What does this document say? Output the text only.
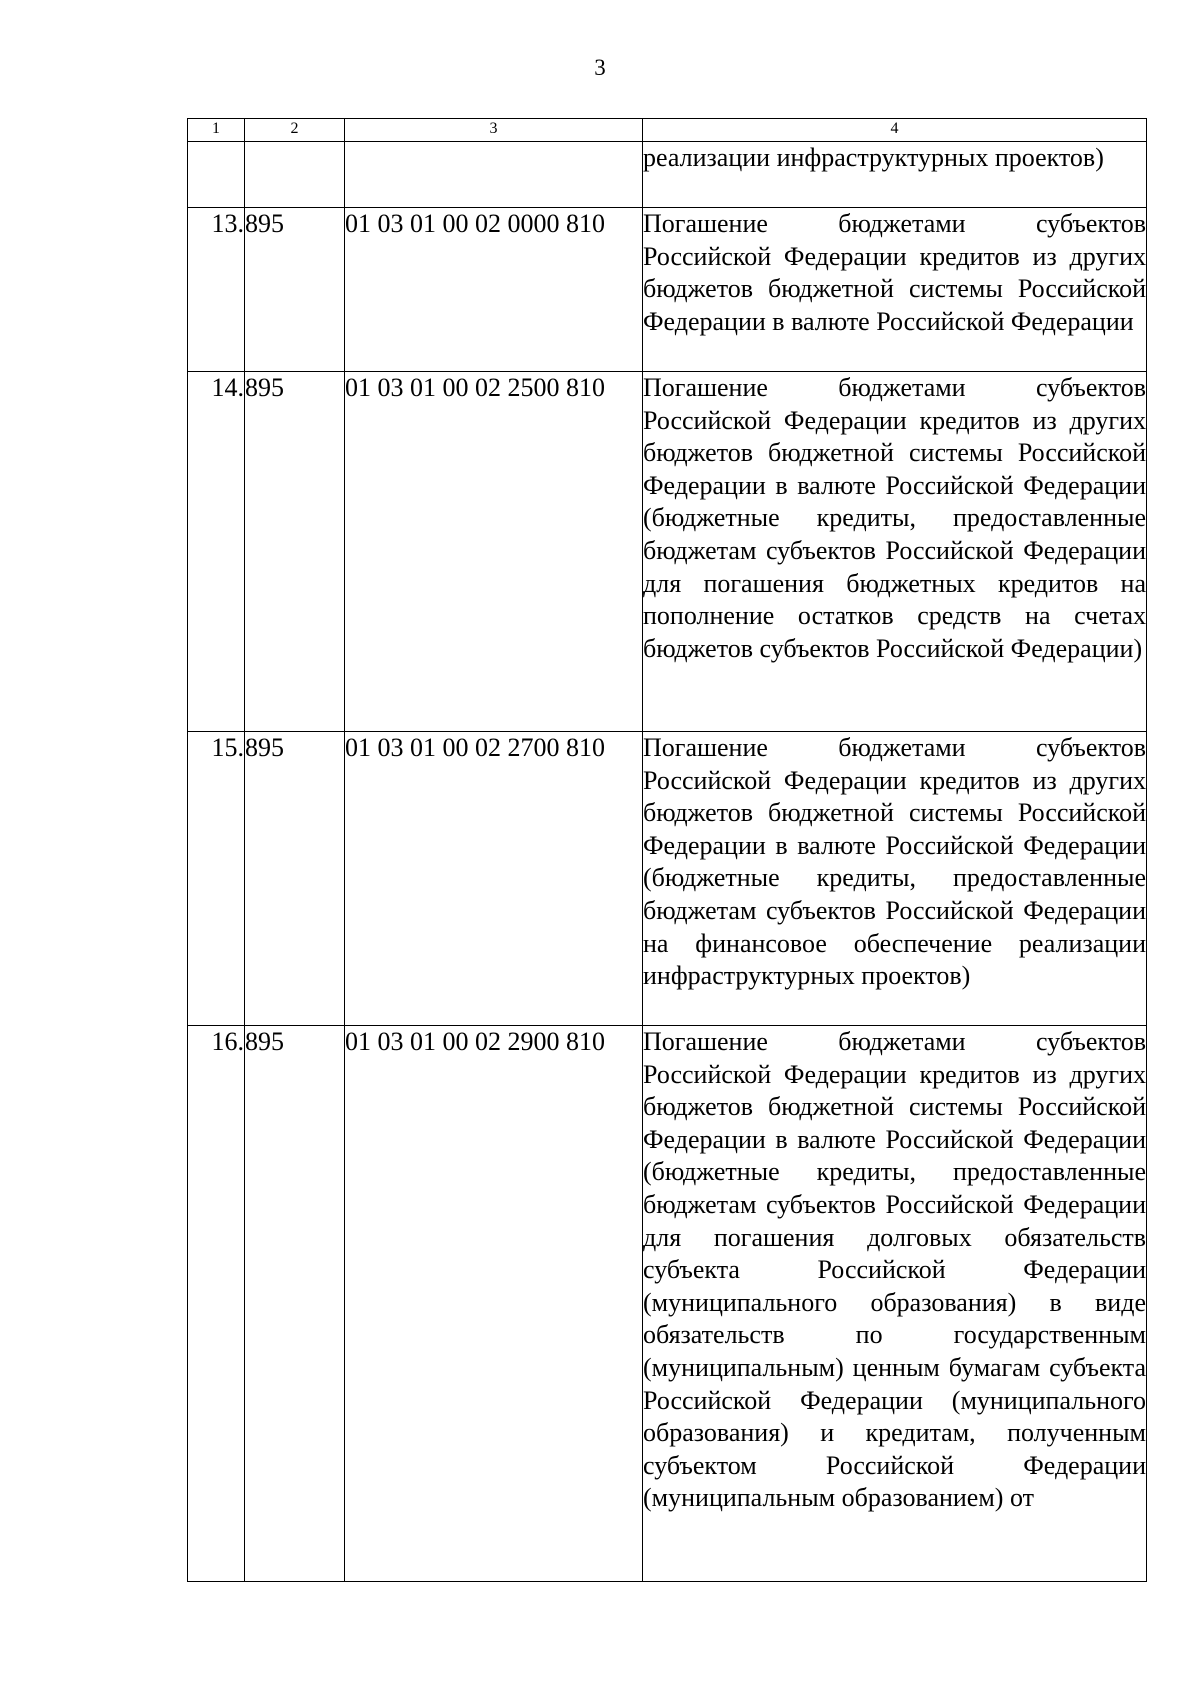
3
1	2	3	4

			реализации инфраструктурных проектов)

13.	895	01 03 01 00 02 0000 810	Погашение бюджетами субъектов Российской Федерации кредитов из других бюджетов бюджетной системы Российской Федерации в валюте Российской Федерации

14.	895	01 03 01 00 02 2500 810	Погашение бюджетами субъектов Российской Федерации кредитов из других бюджетов бюджетной системы Российской Федерации в валюте Российской Федерации (бюджетные кредиты, предоставленные бюджетам субъектов Российской Федерации для погашения бюджетных кредитов на пополнение остатков средств на счетах бюджетов субъектов Российской Федерации)

15.	895	01 03 01 00 02 2700 810	Погашение бюджетами субъектов Российской Федерации кредитов из других бюджетов бюджетной системы Российской Федерации в валюте Российской Федерации (бюджетные кредиты, предоставленные бюджетам субъектов Российской Федерации на финансовое обеспечение реализации инфраструктурных проектов)

16.	895	01 03 01 00 02 2900 810	Погашение бюджетами субъектов Российской Федерации кредитов из других бюджетов бюджетной системы Российской Федерации в валюте Российской Федерации (бюджетные кредиты, предоставленные бюджетам субъектов Российской Федерации для погашения долговых обязательств субъекта Российской Федерации (муниципального образования) в виде обязательств по государственным (муниципальным) ценным бумагам субъекта Российской Федерации (муниципального образования) и кредитам, полученным субъектом Российской Федерации (муниципальным образованием) от
